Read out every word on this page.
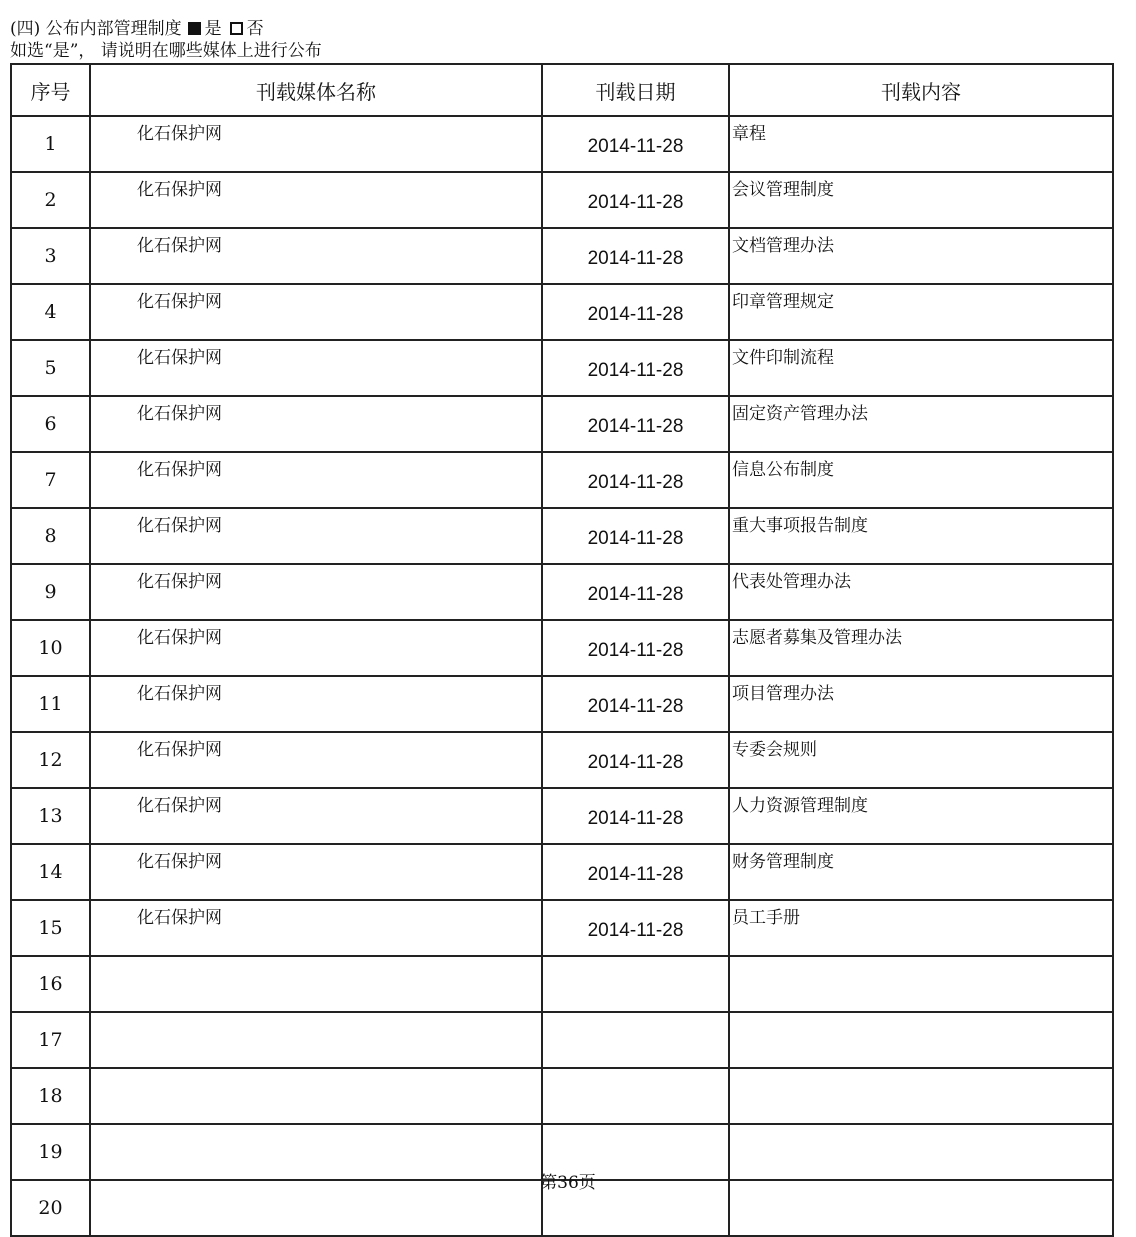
(四) 公布内部管理制度 是 否
如选“是”， 请说明在哪些媒体上进行公布
序号	刊载媒体名称	刊载日期	刊载内容
1	化石保护网	2014-11-28	章程
2	化石保护网	2014-11-28	会议管理制度
3	化石保护网	2014-11-28	文档管理办法
4	化石保护网	2014-11-28	印章管理规定
5	化石保护网	2014-11-28	文件印制流程
6	化石保护网	2014-11-28	固定资产管理办法
7	化石保护网	2014-11-28	信息公布制度
8	化石保护网	2014-11-28	重大事项报告制度
9	化石保护网	2014-11-28	代表处管理办法
10	化石保护网	2014-11-28	志愿者募集及管理办法
11	化石保护网	2014-11-28	项目管理办法
12	化石保护网	2014-11-28	专委会规则
13	化石保护网	2014-11-28	人力资源管理制度
14	化石保护网	2014-11-28	财务管理制度
15	化石保护网	2014-11-28	员工手册
16			
17			
18			
19			
20			
第36页
